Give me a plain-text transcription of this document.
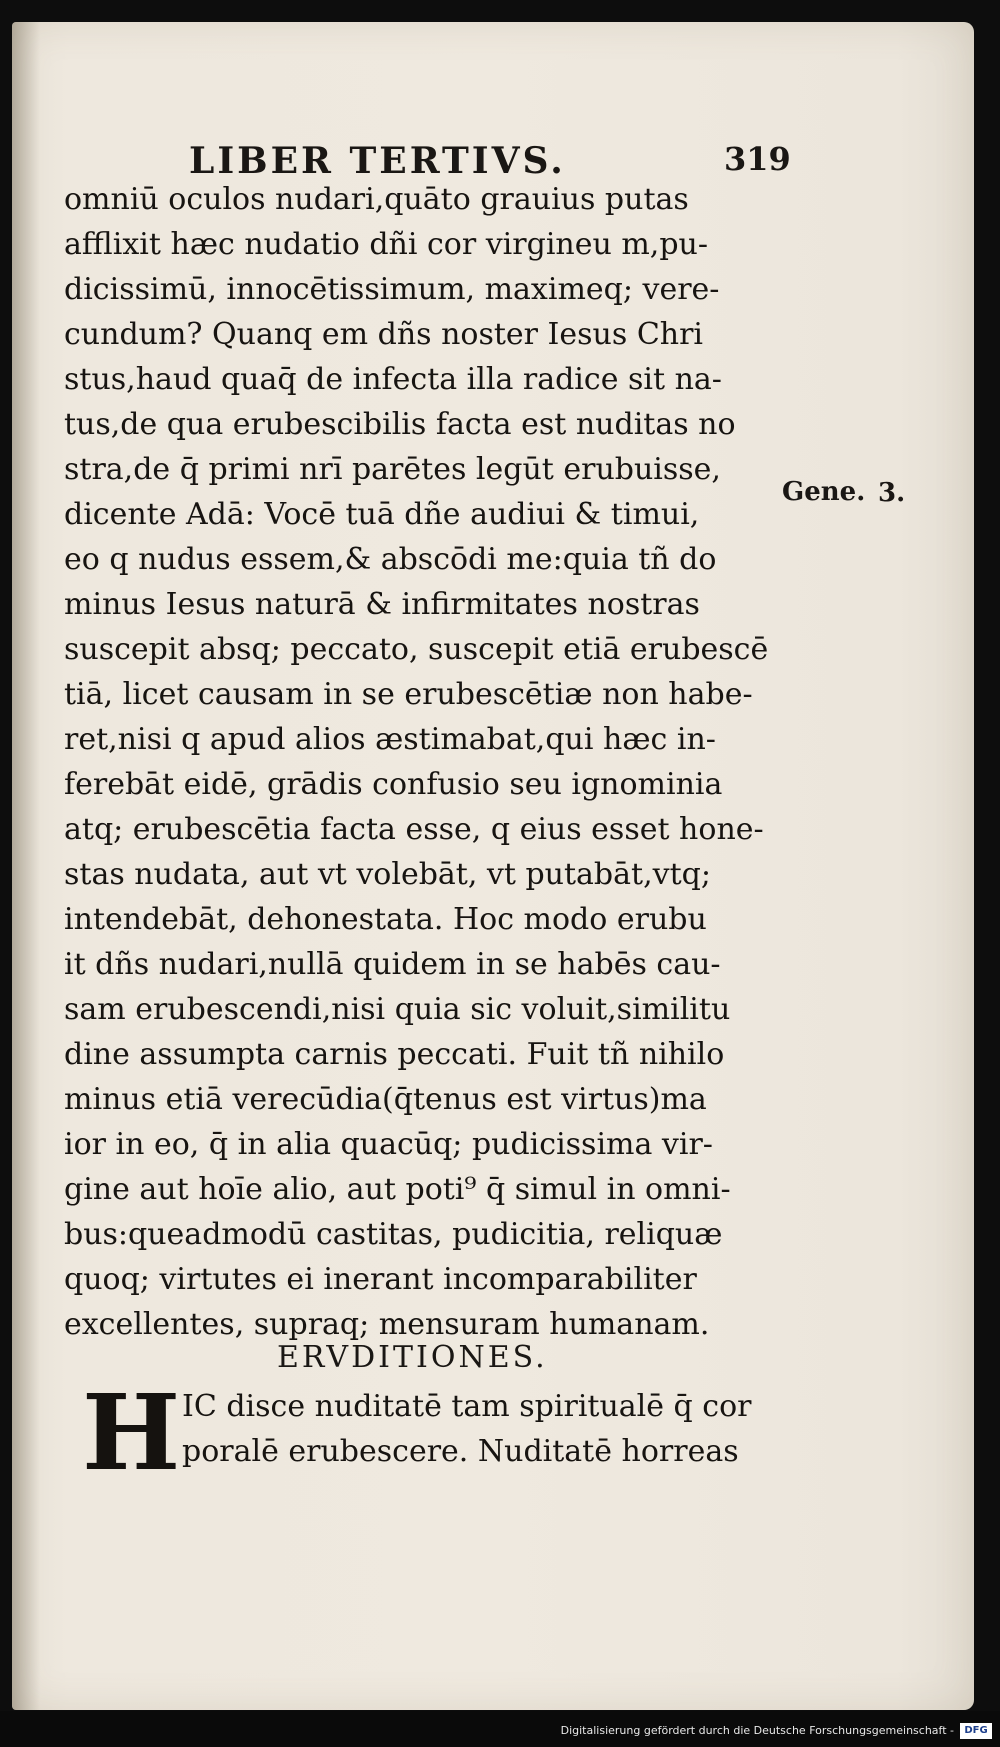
LIBER TERTIVS.	319
omniū oculos nudari,quāto grauius putas
afflixit hæc nudatio dñi cor virgineu m,pu-
dicissimū, innocētissimum, maximeq; vere-
cundum? Quanq em dñs noster Iesus Chri
stus,haud quaq̄ de infecta illa radice sit na-
tus,de qua erubescibilis facta est nuditas no
stra,de q̄ primi nrī parētes legūt erubuisse,
dicente Adā: Vocē tuā dñe audiui & timui,
eo q nudus essem,& abscōdi me:quia tñ do
minus Iesus naturā & infirmitates nostras
suscepit absq; peccato, suscepit etiā erubescē
tiā, licet causam in se erubescētiæ non habe-
ret,nisi q apud alios æstimabat,qui hæc in-
ferebāt eidē, grādis confusio seu ignominia
atq; erubescētia facta esse, q eius esset hone-
stas nudata, aut vt volebāt, vt putabāt,vtq;
intendebāt, dehonestata. Hoc modo erubu
it dñs nudari,nullā quidem in se habēs cau-
sam erubescendi,nisi quia sic voluit,similitu
dine assumpta carnis peccati. Fuit tñ nihilo
minus etiā verecūdia(q̄tenus est virtus)ma
ior in eo, q̄ in alia quacūq; pudicissima vir-
gine aut hoīe alio, aut poti⁹ q̄ simul in omni-
bus:queadmodū castitas, pudicitia, reliquæ
quoq; virtutes ei inerant incomparabiliter
excellentes, supraq; mensuram humanam.
Gene. 3.
ERVDITIONES.
H IC disce nuditatē tam spiritualē q̄ cor
poralē erubescere. Nuditatē horreas
Digitalisierung gefördert durch die Deutsche Forschungsgemeinschaft -	DFG
